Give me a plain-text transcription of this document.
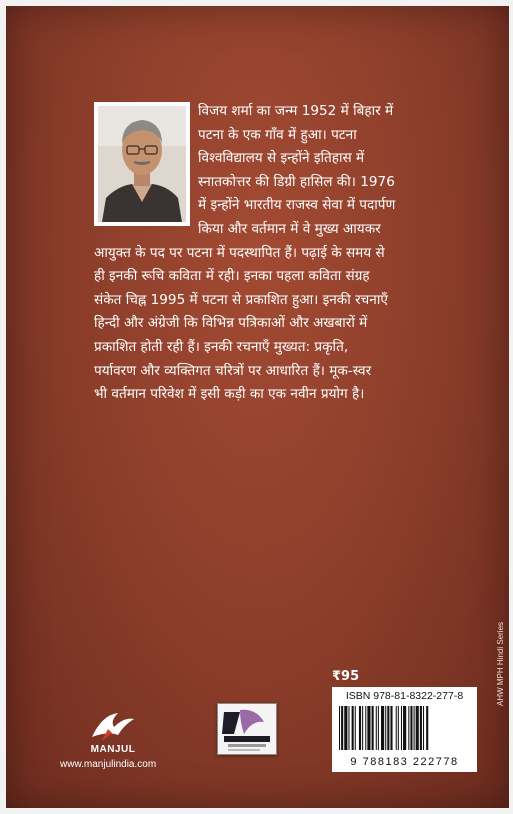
विजय शर्मा का जन्म 1952 में बिहार में
पटना के एक गाँव में हुआ। पटना
विश्वविद्यालय से इन्होंने इतिहास में
स्नातकोत्तर की डिग्री हासिल की। 1976
में इन्होंने भारतीय राजस्व सेवा में पदार्पण
किया और वर्तमान में वे मुख्य आयकर
आयुक्त के पद पर पटना में पदस्थापित हैं। पढ़ाई के समय से
ही इनकी रूचि कविता में रही। इनका पहला कविता संग्रह
संकेत चिह्न 1995 में पटना से प्रकाशित हुआ। इनकी रचनाएँ
हिन्दी और अंग्रेजी कि विभिन्न पत्रिकाओं और अखबारों में
प्रकाशित होती रही हैं। इनकी रचनाएँ मुख्यत: प्रकृति,
पर्यावरण और व्यक्तिगत चरित्रों पर आधारित हैं। मूक-स्वर
भी वर्तमान परिवेश में इसी कड़ी का एक नवीन प्रयोग है।
₹95
ISBN 978-81-8322-277-8
9 788183 222778
AHW MPH Hindi Series
MANJUL
www.manjulindia.com
